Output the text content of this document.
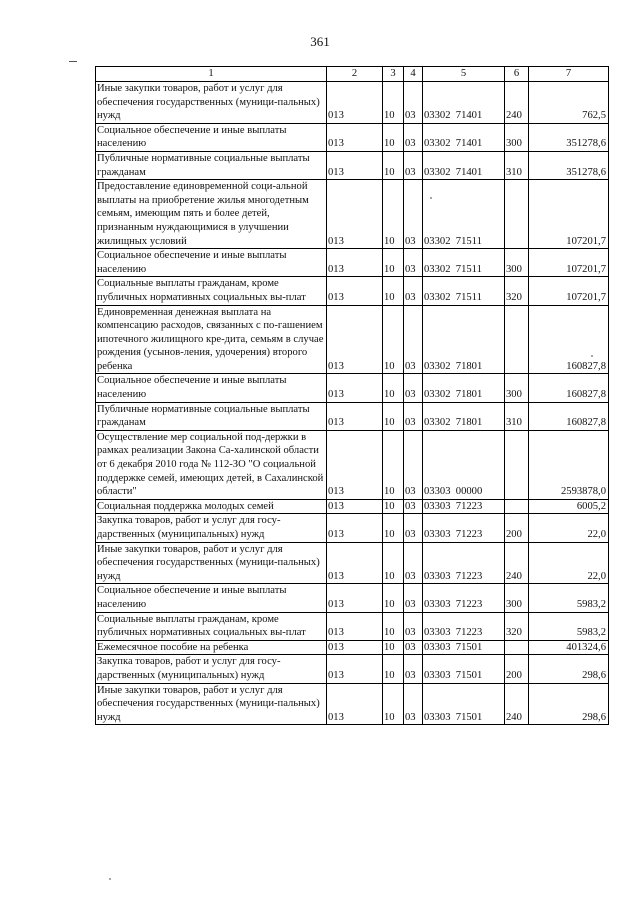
361
1	2	3	4	5	6	7
Иные закупки товаров, работ и услуг для обеспечения государственных (муници-пальных) нужд	013	10	03	03302  71401	240	762,5
Социальное обеспечение и иные выплаты населению	013	10	03	03302  71401	300	351278,6
Публичные нормативные социальные выплаты гражданам	013	10	03	03302  71401	310	351278,6
Предоставление единовременной соци-альной выплаты на приобретение жилья многодетным семьям, имеющим пять и более детей, признанным нуждающимися в улучшении жилищных условий	013	10	03	03302  71511		107201,7
Социальное обеспечение и иные выплаты населению	013	10	03	03302  71511	300	107201,7
Социальные выплаты гражданам, кроме публичных нормативных социальных вы-плат	013	10	03	03302  71511	320	107201,7
Единовременная денежная выплата на компенсацию расходов, связанных с по-гашением ипотечного жилищного кре-дита, семьям в случае рождения (усынов-ления, удочерения) второго ребенка	013	10	03	03302  71801		160827,8
Социальное обеспечение и иные выплаты населению	013	10	03	03302  71801	300	160827,8
Публичные нормативные социальные выплаты гражданам	013	10	03	03302  71801	310	160827,8
Осуществление мер социальной под-держки в рамках реализации Закона Са-халинской области от 6 декабря 2010 года № 112-ЗО "О социальной поддержке семей, имеющих детей, в Сахалинской области"	013	10	03	03303  00000		2593878,0
Социальная поддержка молодых семей	013	10	03	03303  71223		6005,2
Закупка товаров, работ и услуг для госу-дарственных (муниципальных) нужд	013	10	03	03303  71223	200	22,0
Иные закупки товаров, работ и услуг для обеспечения государственных (муници-пальных) нужд	013	10	03	03303  71223	240	22,0
Социальное обеспечение и иные выплаты населению	013	10	03	03303  71223	300	5983,2
Социальные выплаты гражданам, кроме публичных нормативных социальных вы-плат	013	10	03	03303  71223	320	5983,2
Ежемесячное пособие на ребенка	013	10	03	03303  71501		401324,6
Закупка товаров, работ и услуг для госу-дарственных (муниципальных) нужд	013	10	03	03303  71501	200	298,6
Иные закупки товаров, работ и услуг для обеспечения государственных (муници-пальных) нужд	013	10	03	03303  71501	240	298,6
